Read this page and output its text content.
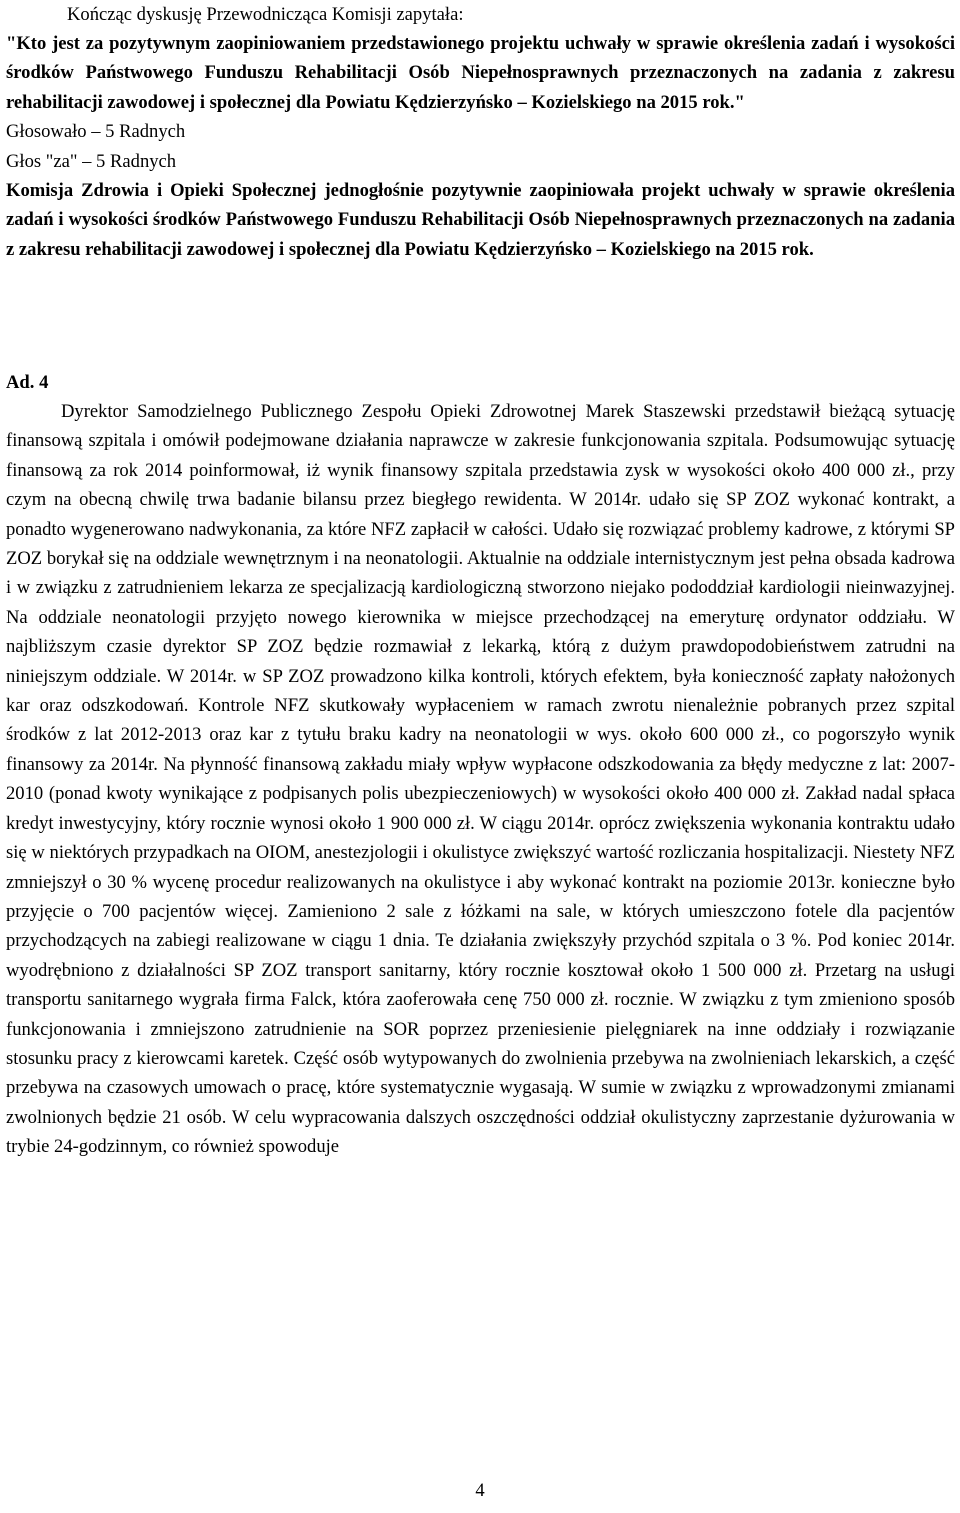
Kończąc dyskusję Przewodnicząca Komisji zapytała:

"Kto jest za pozytywnym zaopiniowaniem przedstawionego projektu uchwały w sprawie określenia zadań i wysokości środków Państwowego Funduszu Rehabilitacji Osób Niepełnosprawnych przeznaczonych na zadania z zakresu rehabilitacji zawodowej i społecznej dla Powiatu Kędzierzyńsko – Kozielskiego na 2015 rok."

Głosowało – 5 Radnych

Głos "za" – 5 Radnych

Komisja Zdrowia i Opieki Społecznej jednogłośnie pozytywnie zaopiniowała projekt uchwały w sprawie określenia zadań i wysokości środków Państwowego Funduszu Rehabilitacji Osób Niepełnosprawnych przeznaczonych na zadania z zakresu rehabilitacji zawodowej i społecznej dla Powiatu Kędzierzyńsko – Kozielskiego na 2015 rok.

Ad. 4

Dyrektor Samodzielnego Publicznego Zespołu Opieki Zdrowotnej Marek Staszewski przedstawił bieżącą sytuację finansową szpitala i omówił podejmowane działania naprawcze w zakresie funkcjonowania szpitala. Podsumowując sytuację finansową za rok 2014 poinformował, iż wynik finansowy szpitala przedstawia zysk w wysokości około 400 000 zł., przy czym na obecną chwilę trwa badanie bilansu przez biegłego rewidenta. W 2014r. udało się SP ZOZ wykonać kontrakt, a ponadto wygenerowano nadwykonania, za które NFZ zapłacił w całości. Udało się rozwiązać problemy kadrowe, z którymi SP ZOZ borykał się na oddziale wewnętrznym i na neonatologii. Aktualnie na oddziale internistycznym jest pełna obsada kadrowa i w związku z zatrudnieniem lekarza ze specjalizacją kardiologiczną stworzono niejako pododdział kardiologii nieinwazyjnej. Na oddziale neonatologii przyjęto nowego kierownika w miejsce przechodzącej na emeryturę ordynator oddziału. W najbliższym czasie dyrektor SP ZOZ będzie rozmawiał z lekarką, którą z dużym prawdopodobieństwem zatrudni na niniejszym oddziale. W 2014r. w SP ZOZ prowadzono kilka kontroli, których efektem, była konieczność zapłaty nałożonych kar oraz odszkodowań. Kontrole NFZ skutkowały wypłaceniem w ramach zwrotu nienależnie pobranych przez szpital środków z lat 2012-2013 oraz kar z tytułu braku kadry na neonatologii w wys. około 600 000 zł., co pogorszyło wynik finansowy za 2014r. Na płynność finansową zakładu miały wpływ wypłacone odszkodowania za błędy medyczne z lat: 2007- 2010 (ponad kwoty wynikające z podpisanych polis ubezpieczeniowych) w wysokości około 400 000 zł. Zakład nadal spłaca kredyt inwestycyjny, który rocznie wynosi około 1 900 000 zł. W ciągu 2014r. oprócz zwiększenia wykonania kontraktu udało się w niektórych przypadkach na OIOM, anestezjologii i okulistyce zwiększyć wartość rozliczania hospitalizacji. Niestety NFZ zmniejszył o 30 % wycenę procedur realizowanych na okulistyce i aby wykonać kontrakt na poziomie 2013r. konieczne było przyjęcie o 700 pacjentów więcej. Zamieniono 2 sale z łóżkami na sale, w których umieszczono fotele dla pacjentów przychodzących na zabiegi realizowane w ciągu 1 dnia. Te działania zwiększyły przychód szpitala o 3 %. Pod koniec 2014r. wyodrębniono z działalności SP ZOZ transport sanitarny, który rocznie kosztował około 1 500 000 zł. Przetarg na usługi transportu sanitarnego wygrała firma Falck, która zaoferowała cenę 750 000 zł. rocznie. W związku z tym zmieniono sposób funkcjonowania i zmniejszono zatrudnienie na SOR poprzez przeniesienie pielęgniarek na inne oddziały i rozwiązanie stosunku pracy z kierowcami karetek. Część osób wytypowanych do zwolnienia przebywa na zwolnieniach lekarskich, a część przebywa na czasowych umowach o pracę, które systematycznie wygasają. W sumie w związku z wprowadzonymi zmianami zwolnionych będzie 21 osób. W celu wypracowania dalszych oszczędności oddział okulistyczny zaprzestanie dyżurowania w trybie 24-godzinnym, co również spowoduje

4
